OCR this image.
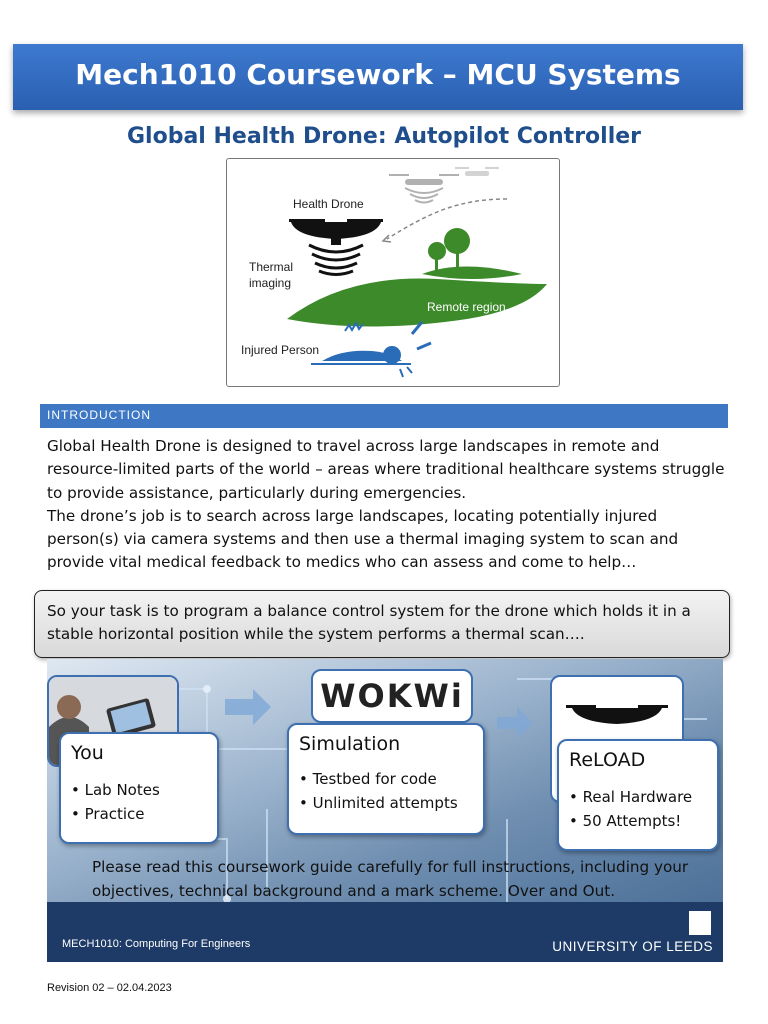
Mech1010 Coursework – MCU Systems
Global Health Drone: Autopilot Controller
Health Drone
Thermal
imaging
Remote region
Injured Person
INTRODUCTION

Global Health Drone is designed to travel across large landscapes in remote and resource-limited parts of the world – areas where traditional healthcare systems struggle to provide assistance, particularly during emergencies.

The drone’s job is to search across large landscapes, locating potentially injured person(s) via camera systems and then use a thermal imaging system to scan and provide vital medical feedback to medics who can assess and come to help…

So your task is to program a balance control system for the drone which holds it in a stable horizontal position while the system performs a thermal scan….

You
• Lab Notes
• Practice
WOKWi
Simulation
• Testbed for code
• Unlimited attempts
ReLOAD
• Real Hardware
• 50 Attempts!
Please read this coursework guide carefully for full instructions, including your objectives, technical background and a mark scheme. Over and Out.
MECH1010: Computing For Engineers	UNIVERSITY OF LEEDS
Revision 02 – 02.04.2023
